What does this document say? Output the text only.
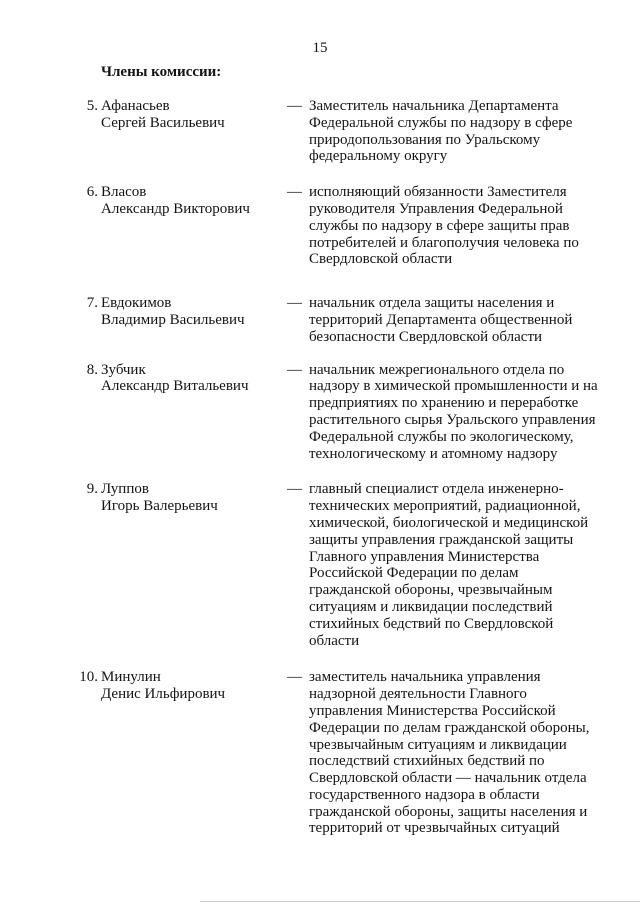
15
Члены комиссии:
5. Афанасьев
Сергей Васильевич
— Заместитель начальника Департамента Федеральной службы по надзору в сфере природопользования по Уральскому федеральному округу
6. Власов
Александр Викторович
— исполняющий обязанности Заместителя руководителя Управления Федеральной службы по надзору в сфере защиты прав потребителей и благополучия человека по Свердловской области
7. Евдокимов
Владимир Васильевич
— начальник отдела защиты населения и территорий Департамента общественной безопасности Свердловской области
8. Зубчик
Александр Витальевич
— начальник межрегионального отдела по надзору в химической промышленности и на предприятиях по хранению и переработке растительного сырья Уральского управления Федеральной службы по экологическому, технологическому и атомному надзору
9. Луппов
Игорь Валерьевич
— главный специалист отдела инженерно-технических мероприятий, радиационной, химической, биологической и медицинской защиты управления гражданской защиты Главного управления Министерства Российской Федерации по делам гражданской обороны, чрезвычайным ситуациям и ликвидации последствий стихийных бедствий по Свердловской области
10. Минулин
Денис Ильфирович
— заместитель начальника управления надзорной деятельности Главного управления Министерства Российской Федерации по делам гражданской обороны, чрезвычайным ситуациям и ликвидации последствий стихийных бедствий по Свердловской области — начальник отдела государственного надзора в области гражданской обороны, защиты населения и территорий от чрезвычайных ситуаций
